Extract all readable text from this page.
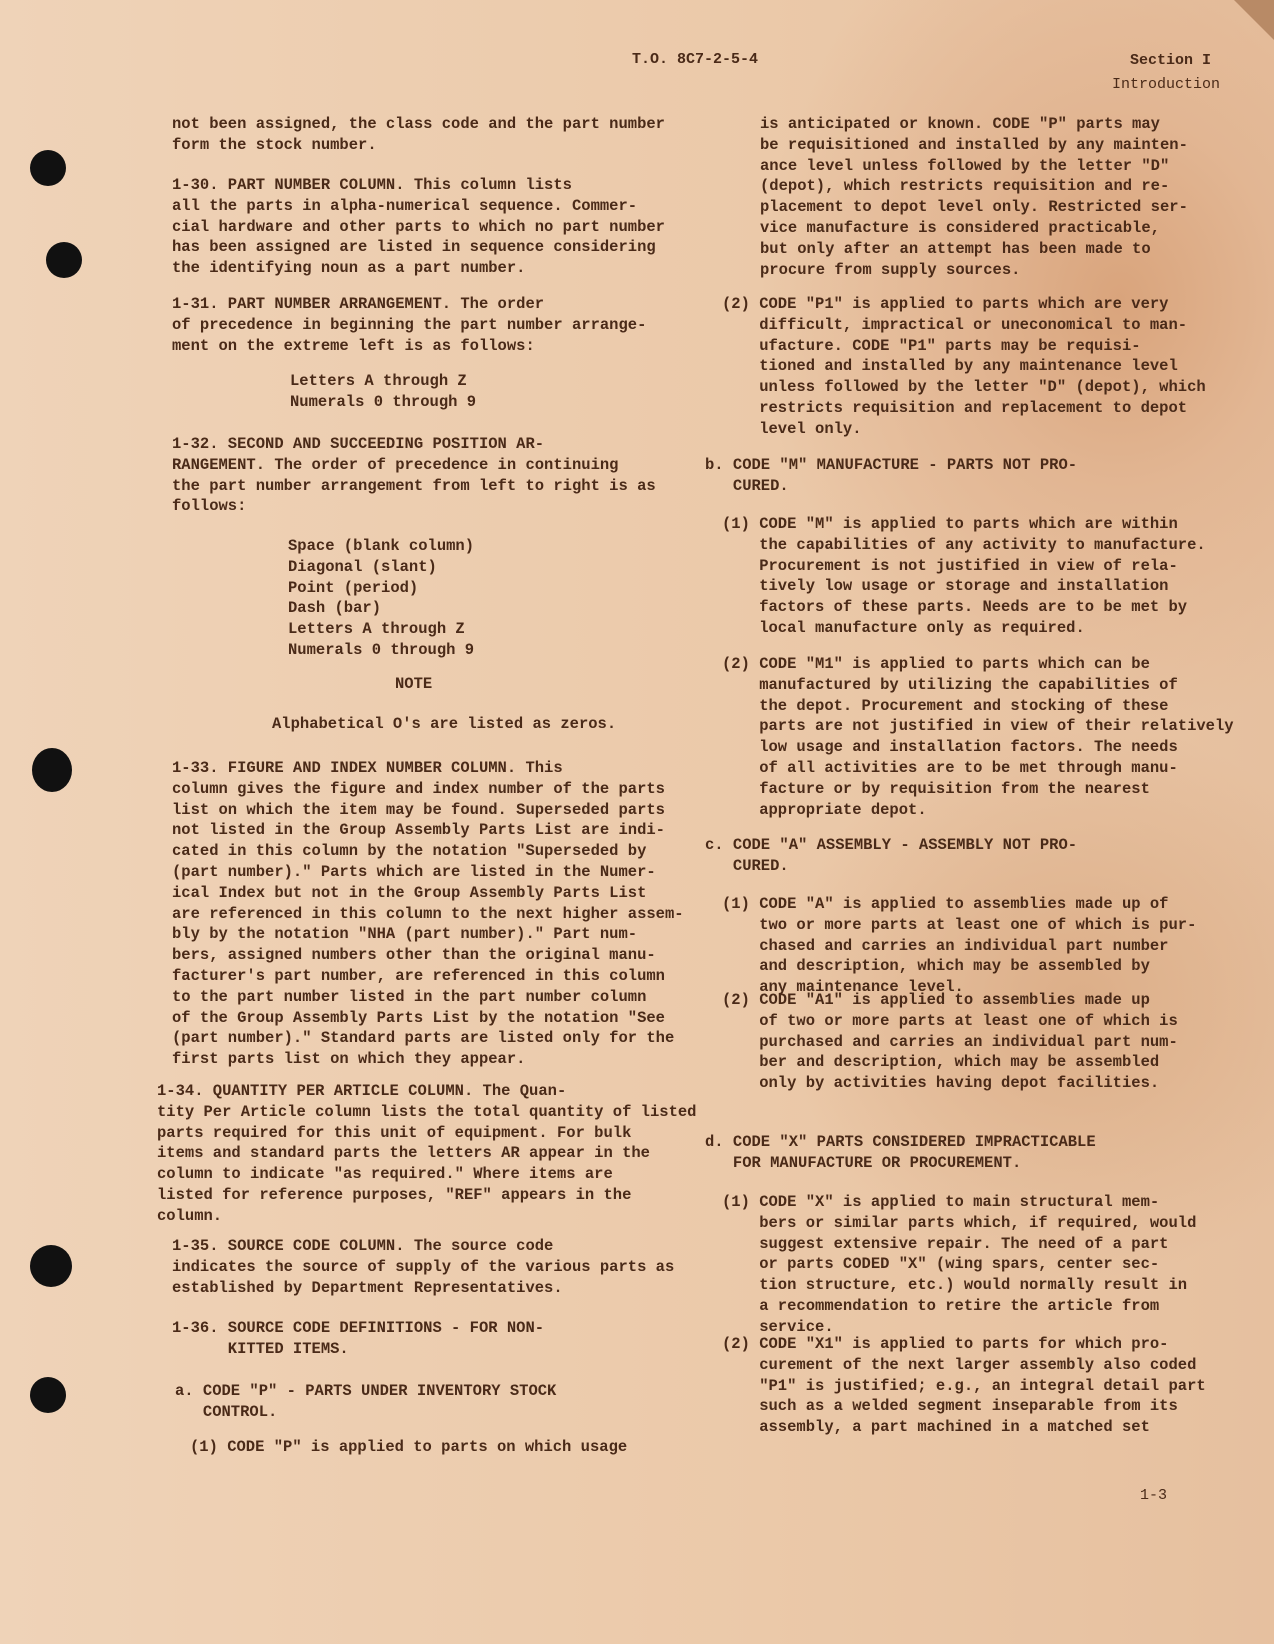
T.O. 8C7-2-5-4	Section I
Introduction
not been assigned, the class code and the part number
form the stock number.
1-30. PART NUMBER COLUMN. This column lists
all the parts in alpha-numerical sequence. Commer-
cial hardware and other parts to which no part number
has been assigned are listed in sequence considering
the identifying noun as a part number.
1-31. PART NUMBER ARRANGEMENT. The order
of precedence in beginning the part number arrange-
ment on the extreme left is as follows:
Letters A through Z
Numerals 0 through 9
1-32. SECOND AND SUCCEEDING POSITION AR-
RANGEMENT. The order of precedence in continuing
the part number arrangement from left to right is as
follows:
Space (blank column)
Diagonal (slant)
Point (period)
Dash (bar)
Letters A through Z
Numerals 0 through 9
NOTE
Alphabetical O's are listed as zeros.
1-33. FIGURE AND INDEX NUMBER COLUMN. This
column gives the figure and index number of the parts
list on which the item may be found. Superseded parts
not listed in the Group Assembly Parts List are indi-
cated in this column by the notation "Superseded by
(part number)." Parts which are listed in the Numer-
ical Index but not in the Group Assembly Parts List
are referenced in this column to the next higher assem-
bly by the notation "NHA (part number)." Part num-
bers, assigned numbers other than the original manu-
facturer's part number, are referenced in this column
to the part number listed in the part number column
of the Group Assembly Parts List by the notation "See
(part number)." Standard parts are listed only for the
first parts list on which they appear.
1-34. QUANTITY PER ARTICLE COLUMN. The Quan-
tity Per Article column lists the total quantity of listed
parts required for this unit of equipment. For bulk
items and standard parts the letters AR appear in the
column to indicate "as required." Where items are
listed for reference purposes, "REF" appears in the
column.
1-35. SOURCE CODE COLUMN. The source code
indicates the source of supply of the various parts as
established by Department Representatives.
1-36. SOURCE CODE DEFINITIONS - FOR NON-
KITTED ITEMS.
a. CODE "P" - PARTS UNDER INVENTORY STOCK
CONTROL.
(1) CODE "P" is applied to parts on which usage
is anticipated or known. CODE "P" parts may
be requisitioned and installed by any mainten-
ance level unless followed by the letter "D"
(depot), which restricts requisition and re-
placement to depot level only. Restricted ser-
vice manufacture is considered practicable,
but only after an attempt has been made to
procure from supply sources.
(2) CODE "P1" is applied to parts which are very
difficult, impractical or uneconomical to man-
ufacture. CODE "P1" parts may be requisi-
tioned and installed by any maintenance level
unless followed by the letter "D" (depot), which
restricts requisition and replacement to depot
level only.
b. CODE "M" MANUFACTURE - PARTS NOT PRO-
CURED.
(1) CODE "M" is applied to parts which are within
the capabilities of any activity to manufacture.
Procurement is not justified in view of rela-
tively low usage or storage and installation
factors of these parts. Needs are to be met by
local manufacture only as required.
(2) CODE "M1" is applied to parts which can be
manufactured by utilizing the capabilities of
the depot. Procurement and stocking of these
parts are not justified in view of their relatively
low usage and installation factors. The needs
of all activities are to be met through manu-
facture or by requisition from the nearest
appropriate depot.
c. CODE "A" ASSEMBLY - ASSEMBLY NOT PRO-
CURED.
(1) CODE "A" is applied to assemblies made up of
two or more parts at least one of which is pur-
chased and carries an individual part number
and description, which may be assembled by
any maintenance level.
(2) CODE "A1" is applied to assemblies made up
of two or more parts at least one of which is
purchased and carries an individual part num-
ber and description, which may be assembled
only by activities having depot facilities.
d. CODE "X" PARTS CONSIDERED IMPRACTICABLE
FOR MANUFACTURE OR PROCUREMENT.
(1) CODE "X" is applied to main structural mem-
bers or similar parts which, if required, would
suggest extensive repair. The need of a part
or parts CODED "X" (wing spars, center sec-
tion structure, etc.) would normally result in
a recommendation to retire the article from
service.
(2) CODE "X1" is applied to parts for which pro-
curement of the next larger assembly also coded
"P1" is justified; e.g., an integral detail part
such as a welded segment inseparable from its
assembly, a part machined in a matched set
1-3
